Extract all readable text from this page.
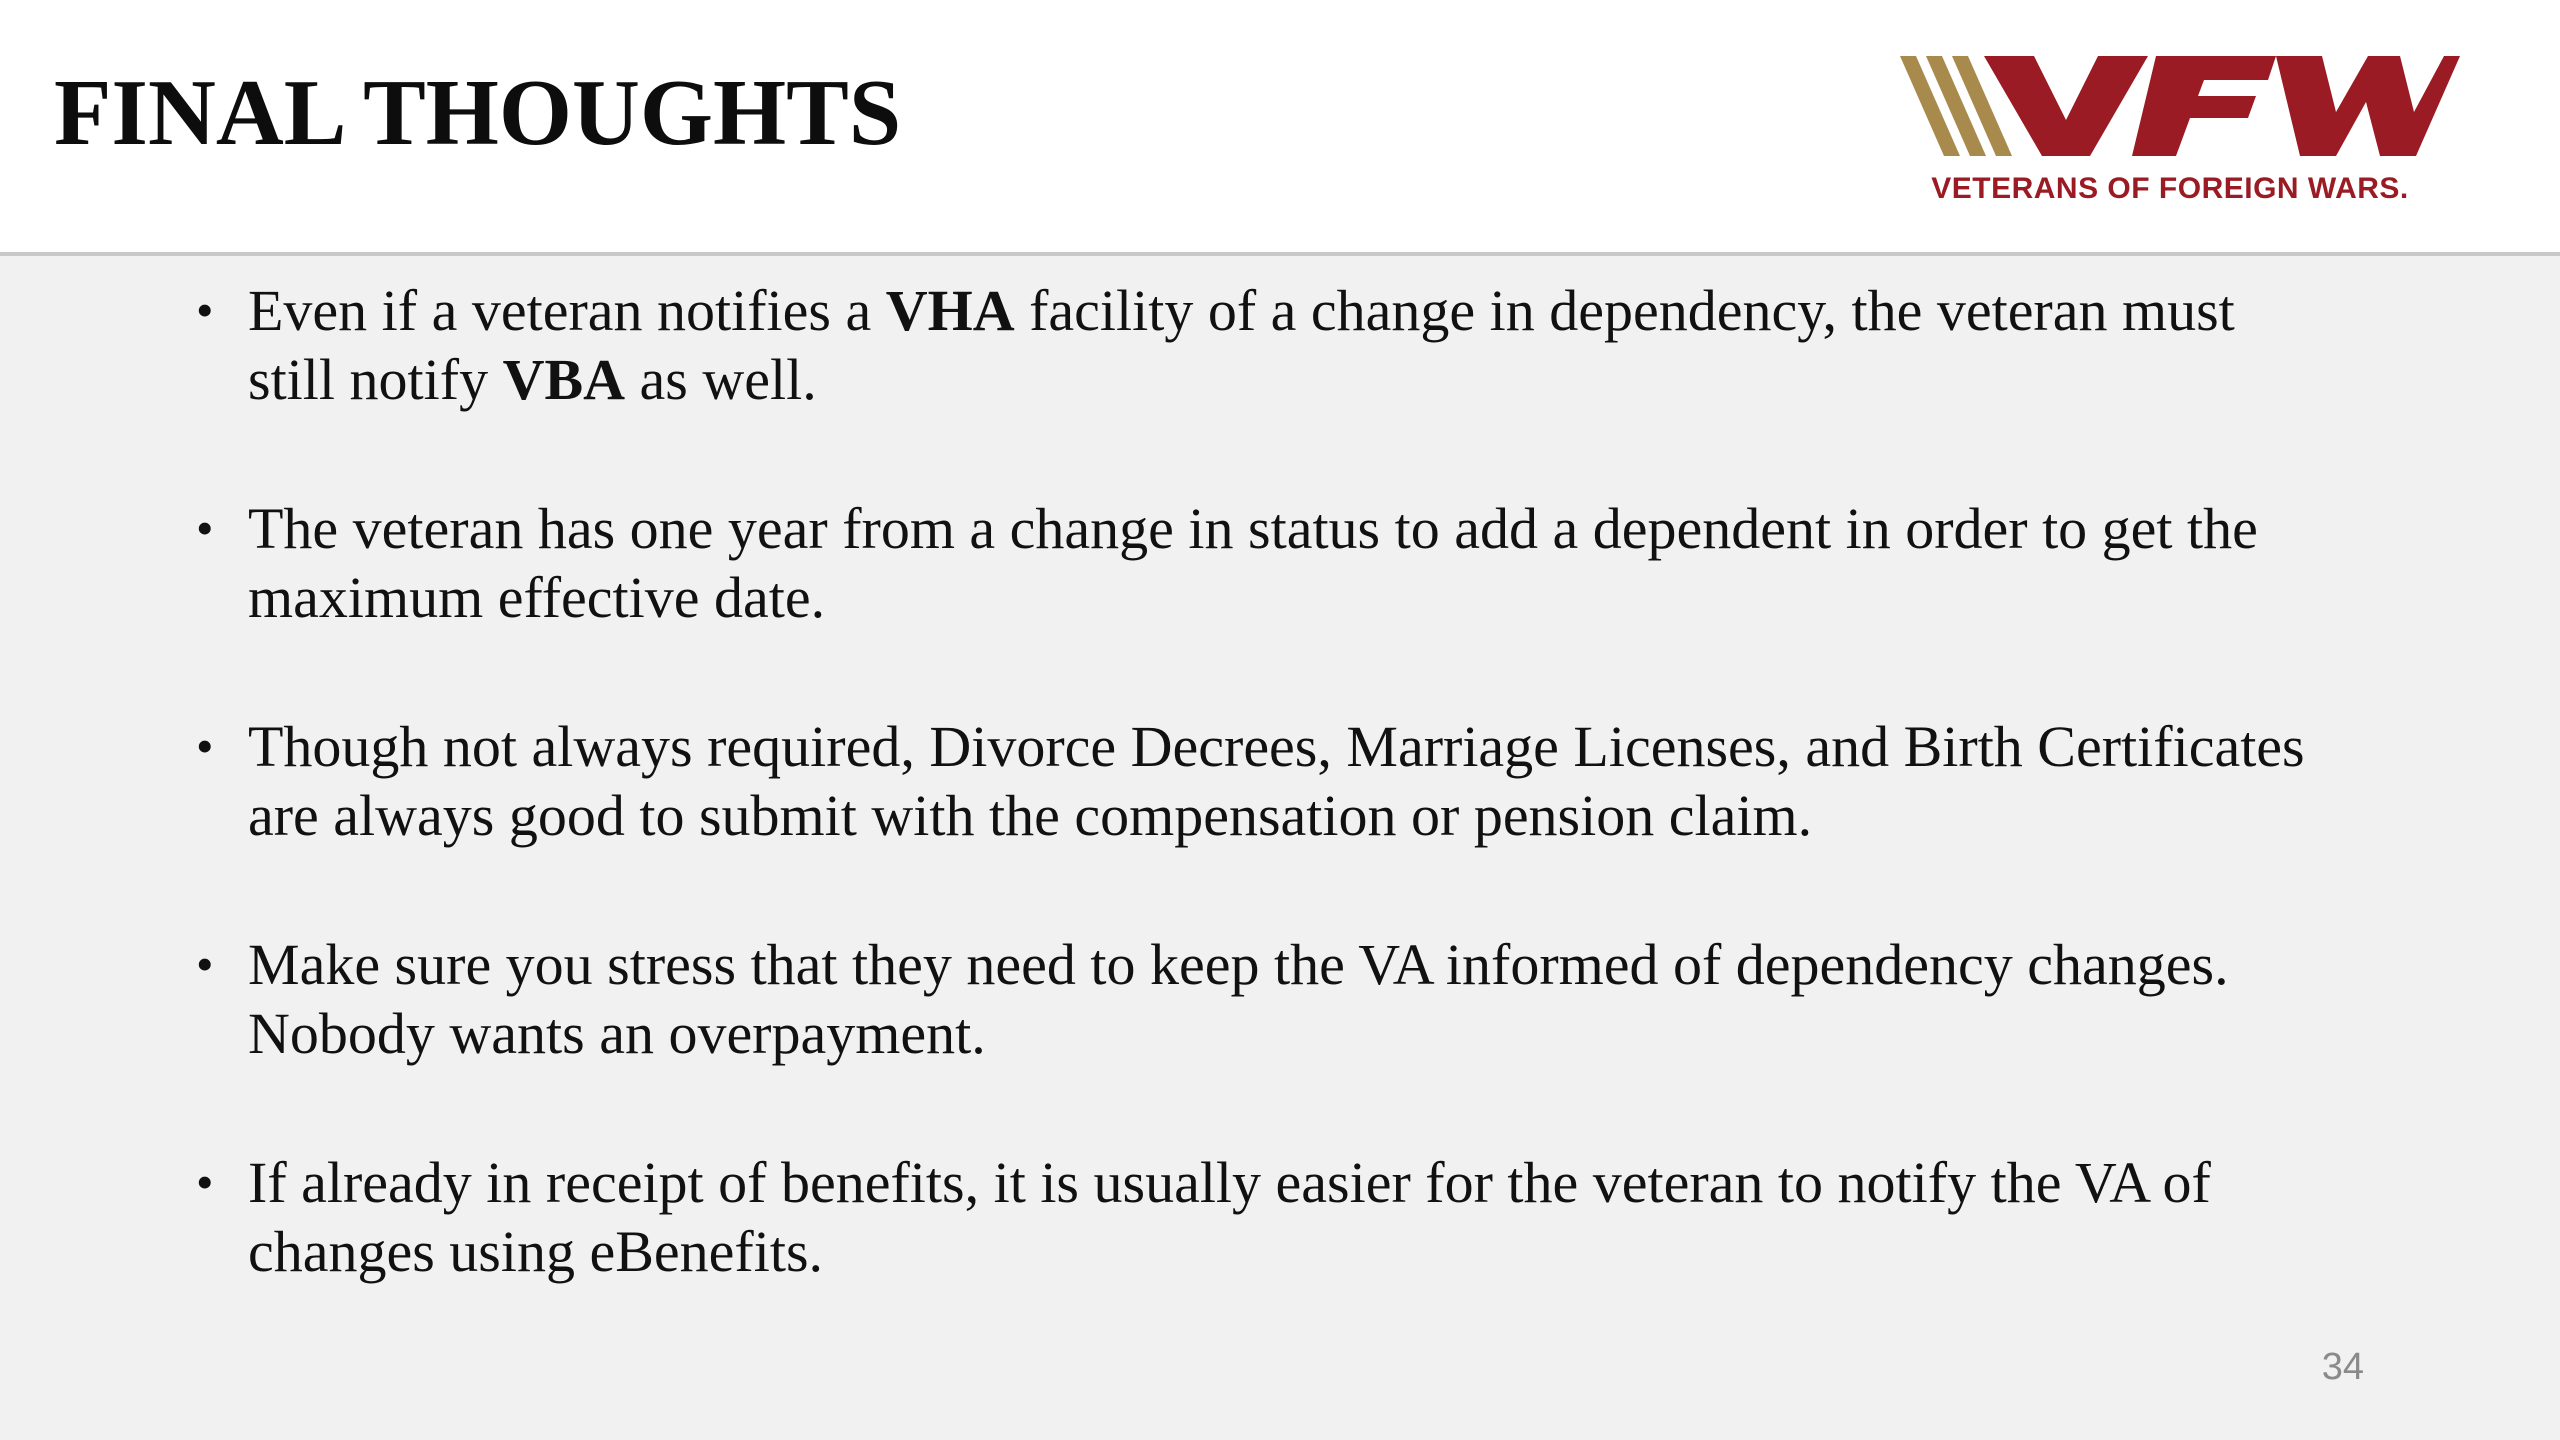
FINAL THOUGHTS
VETERANS OF FOREIGN WARS.
• Even if a veteran notifies a VHA facility of a change in dependency, the veteran must still notify VBA as well.
• The veteran has one year from a change in status to add a dependent in order to get the maximum effective date.
• Though not always required, Divorce Decrees, Marriage Licenses, and Birth Certificates are always good to submit with the compensation or pension claim.
• Make sure you stress that they need to keep the VA informed of dependency changes. Nobody wants an overpayment.
• If already in receipt of benefits, it is usually easier for the veteran to notify the VA of changes using eBenefits.
34
